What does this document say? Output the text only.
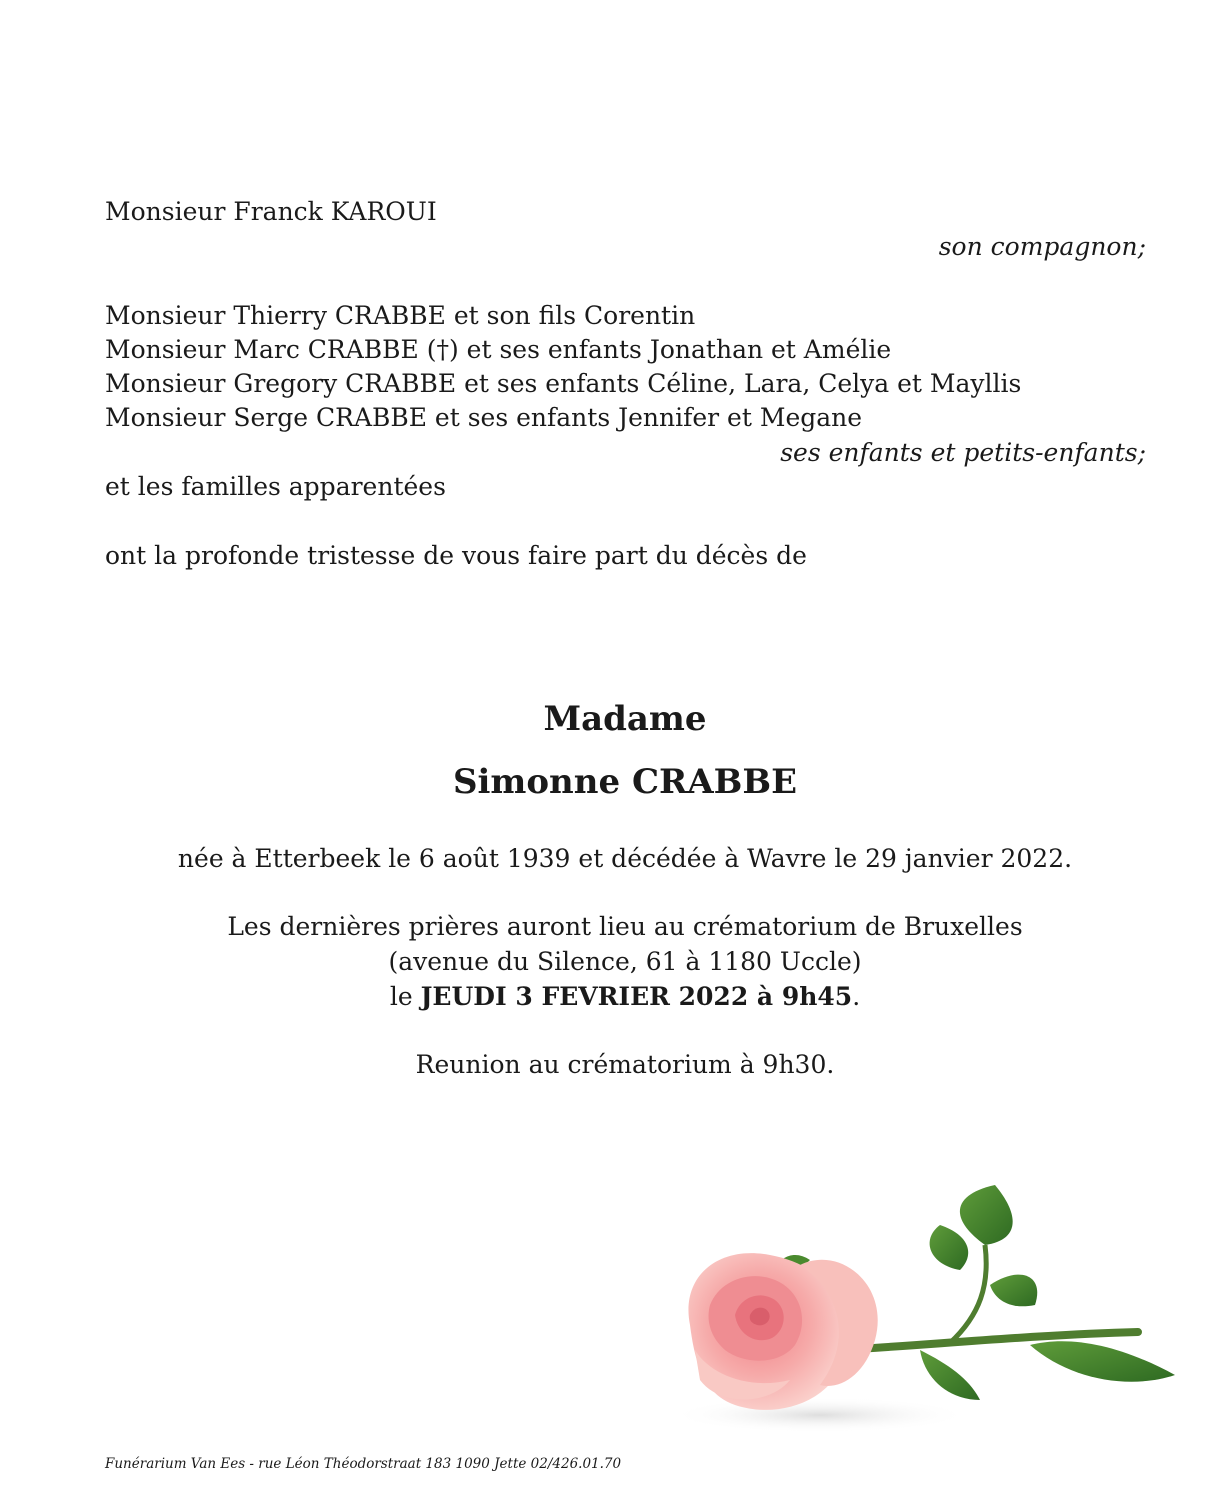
Monsieur Franck KAROUI
son compagnon;
Monsieur Thierry CRABBE et son fils Corentin
Monsieur Marc CRABBE (†) et ses enfants Jonathan et Amélie
Monsieur Gregory CRABBE et ses enfants Céline, Lara, Celya et Mayllis
Monsieur Serge CRABBE et ses enfants Jennifer et Megane
ses enfants et petits-enfants;
et les familles apparentées
ont la profonde tristesse de vous faire part du décès de
Madame
Simonne CRABBE
née à Etterbeek le 6 août 1939 et décédée à Wavre le 29 janvier 2022.
Les dernières prières auront lieu au crématorium de Bruxelles
(avenue du Silence, 61 à 1180 Uccle)
le JEUDI 3 FEVRIER 2022 à 9h45.
Reunion au crématorium à 9h30.
Funérarium Van Ees - rue Léon Théodorstraat 183 1090 Jette 02/426.01.70
